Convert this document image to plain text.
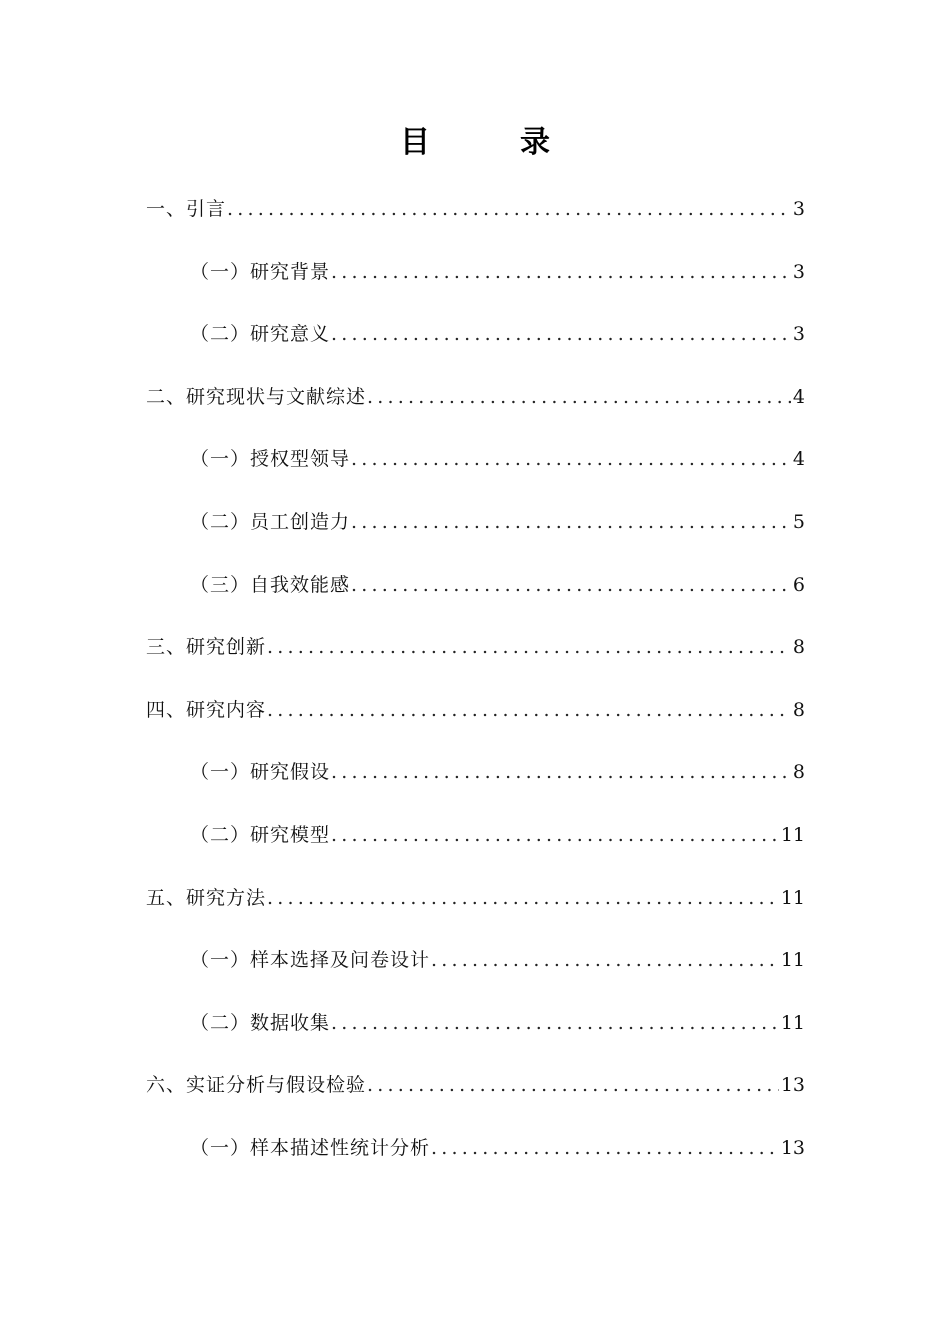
目　录
一、引言 .....	3
（一）研究背景 .....	3
（二）研究意义 .....	3
二、研究现状与文献综述 .....	4
（一）授权型领导 .....	4
（二）员工创造力 .....	5
（三）自我效能感 .....	6
三、研究创新 .....	8
四、研究内容 .....	8
（一）研究假设 .....	8
（二）研究模型 .....	11
五、研究方法 .....	11
（一）样本选择及问卷设计 .....	11
（二）数据收集 .....	11
六、实证分析与假设检验 .....	13
（一）样本描述性统计分析 .....	13
